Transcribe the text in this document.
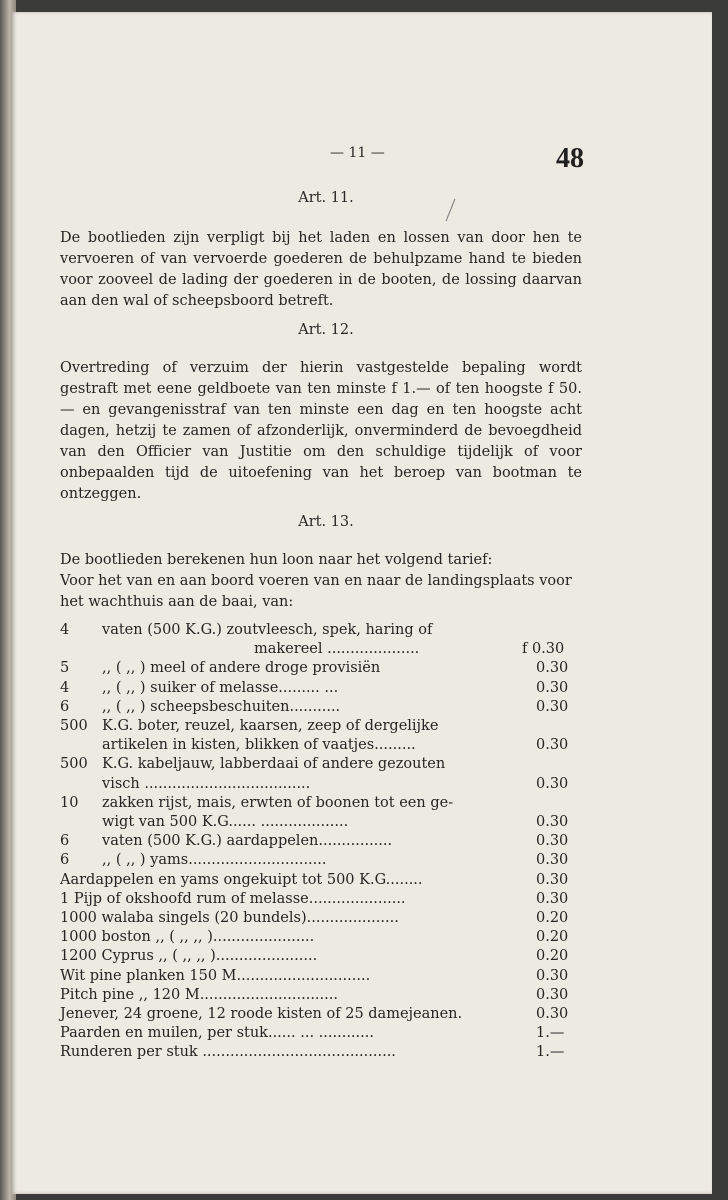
— 11 —	48
Art. 11.
De bootlieden zijn verpligt bij het laden en lossen van door hen te vervoeren of van vervoerde goederen de behulpzame hand te bieden voor zooveel de lading der goederen in de booten, de lossing daarvan aan den wal of scheepsboord betreft.
Art. 12.
Overtreding of verzuim der hierin vastgestelde bepaling wordt gestraft met eene geldboete van ten minste f 1.— of ten hoogste f 50.— en gevangenisstraf van ten minste een dag en ten hoogste acht dagen, hetzij te zamen of afzonderlijk, onverminderd de bevoegdheid van den Officier van Justitie om den schuldige tijdelijk of voor onbepaalden tijd de uitoefening van het beroep van bootman te ontzeggen.
Art. 13.
De bootlieden berekenen hun loon naar het volgend tarief:
Voor het van en aan boord voeren van en naar de landingsplaats voor het wachthuis aan de baai, van:
4 vaten (500 K.G.) zoutvleesch, spek, haring of
makereel ....................	f 0.30
5 ,, ( ,, ) meel of andere droge provisiën	0.30
4 ,, ( ,, ) suiker of melasse......... ...	0.30
6 ,, ( ,, ) scheepsbeschuiten...........	0.30
500 K.G. boter, reuzel, kaarsen, zeep of dergelijke
artikelen in kisten, blikken of vaatjes.........	0.30
500 K.G. kabeljauw, labberdaai of andere gezouten
visch ....................................	0.30
10 zakken rijst, mais, erwten of boonen tot een ge-
wigt van 500 K.G...... ...................	0.30
6 vaten (500 K.G.) aardappelen................	0.30
6 ,, ( ,, ) yams..............................	0.30
Aardappelen en yams ongekuipt tot 500 K.G........	0.30
1 Pijp of okshoofd rum of melasse.....................	0.30
1000 walaba singels (20 bundels)....................	0.20
1000 boston ,, ( ,, ,, )......................	0.20
1200 Cyprus ,, ( ,, ,, )......................	0.20
Wit pine planken 150 M.............................	0.30
Pitch pine ,, 120 M..............................	0.30
Jenever, 24 groene, 12 roode kisten of 25 damejeanen.	0.30
Paarden en muilen, per stuk...... ... ............	1.—
Runderen per stuk ..........................................	1.—
